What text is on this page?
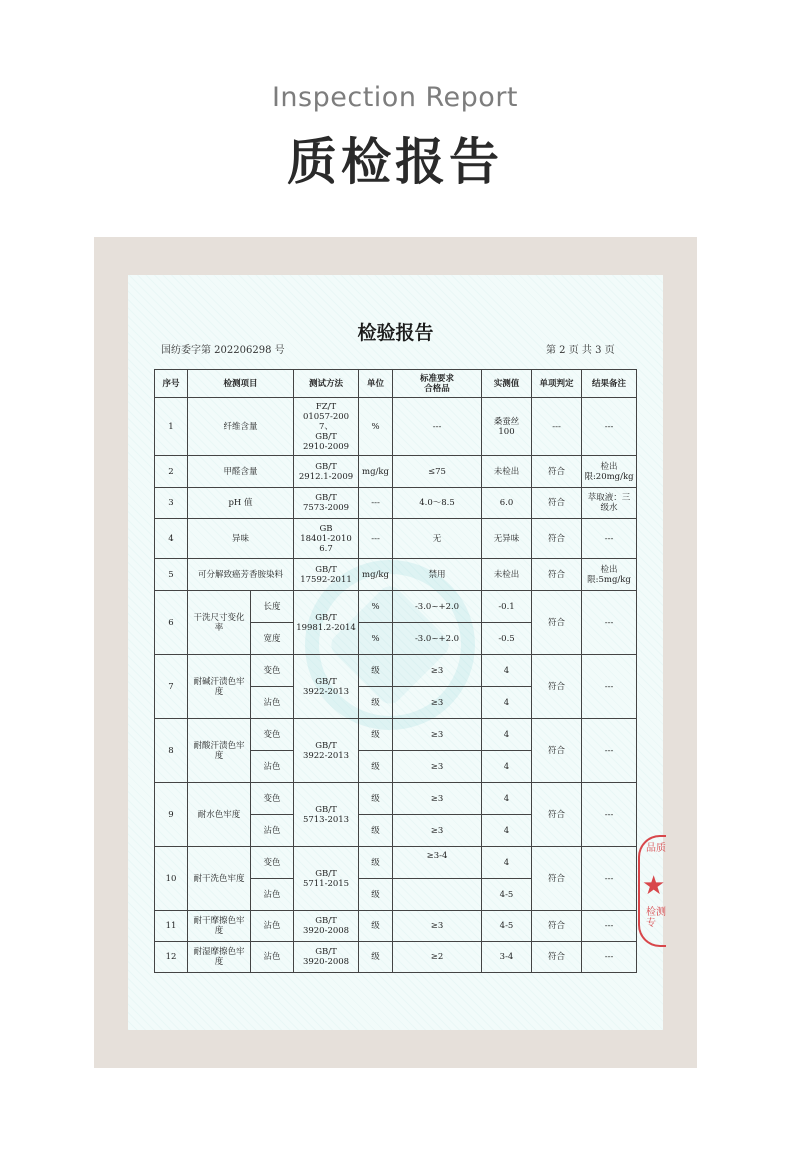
Inspection Report
质检报告
检验报告
国纺委字第 202206298 号	第 2 页 共 3 页
序号	检测项目		测试方法	单位	标准要求
合格品	实测值	单项判定	结果备注
1	纤维含量		FZ/T
01057-2007、
GB/T
2910-2009	%	---	桑蚕丝
100	---	---
2	甲醛含量		GB/T
2912.1-2009	mg/kg	≤75	未检出	符合	检出
限:20mg/kg
3	pH 值		GB/T
7573-2009	---	4.0～8.5	6.0	符合	萃取液：三
级水
4	异味		GB
18401-2010
6.7	---	无	无异味	符合	---
5	可分解致癌芳香胺染料		GB/T
17592-2011	mg/kg	禁用	未检出	符合	检出
限:5mg/kg
6	干洗尺寸变化
率	长度	GB/T
19981.2-2014	%	-3.0~+2.0	-0.1	符合	---
		宽度		%	-3.0~+2.0	-0.5		
7	耐碱汗渍色牢
度	变色	GB/T
3922-2013	级	≥3	4	符合	---
		沾色		级	≥3	4		
8	耐酸汗渍色牢
度	变色	GB/T
3922-2013	级	≥3	4	符合	---
		沾色		级	≥3	4		
9	耐水色牢度	变色	GB/T
5713-2013	级	≥3	4	符合	---
		沾色		级	≥3	4		
10	耐干洗色牢度	变色	GB/T
5711-2015	级	≥3-4	4	符合	---
		沾色		级		4-5		
11	耐干摩擦色牢
度	沾色	GB/T
3920-2008	级	≥3	4-5	符合	---
12	耐湿摩擦色牢
度	沾色	GB/T
3920-2008	级	≥2	3-4	符合	---
品质
★
检测专
